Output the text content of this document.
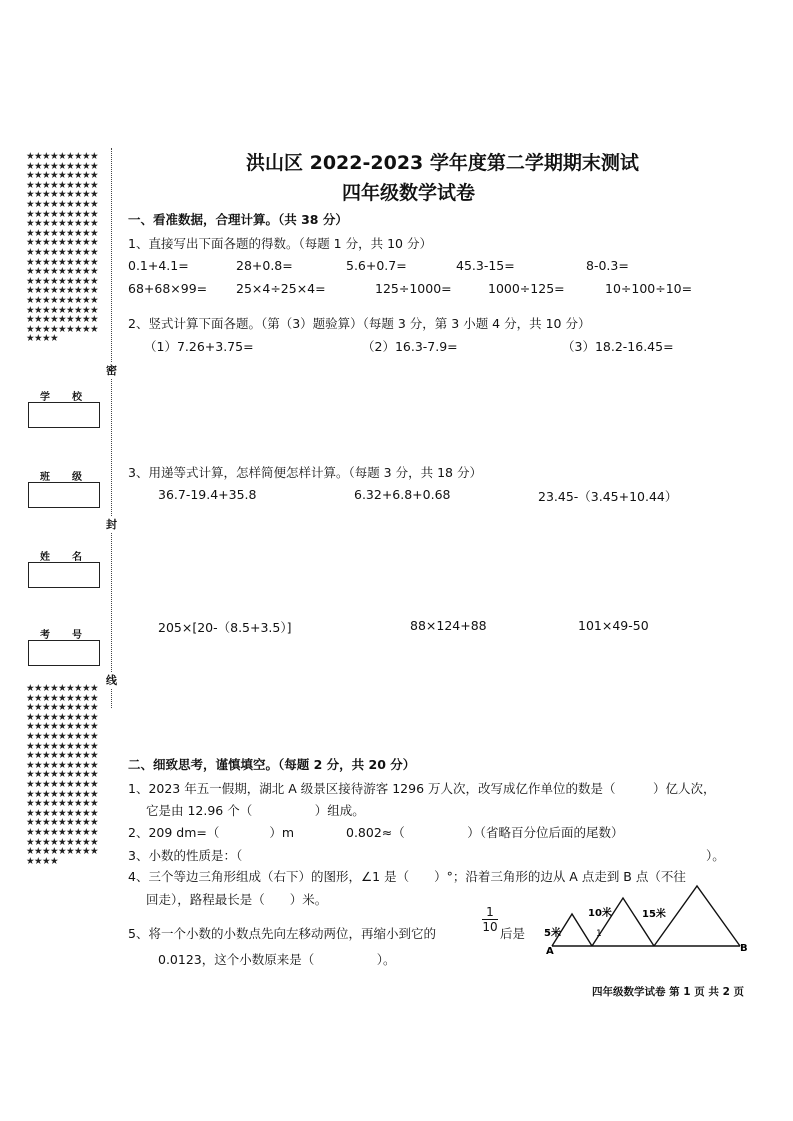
★★★★★★★★★★★★★★★★★★★★★★★★★★★★★★★★★★★★★★★★★★★★★★★★★★★★★★★★★★★★★★★★★★★★★★★★★★★★★★★★★★★★★★★★★★★★★★★★★★★★★★★★★★★★★★★★★★★★★★★★★★★★★★★★★★★★★★★★★★★★★★★★★★★★★★★★★★★★★★★★★★★★★★★★★★★★★★★
学 校
班 级
姓 名
考 号
★★★★★★★★★★★★★★★★★★★★★★★★★★★★★★★★★★★★★★★★★★★★★★★★★★★★★★★★★★★★★★★★★★★★★★★★★★★★★★★★★★★★★★★★★★★★★★★★★★★★★★★★★★★★★★★★★★★★★★★★★★★★★★★★★★★★★★★★★★★★★★★★★★★★★★★★★★★★★★★★★★★★★★
密
封
线
洪山区 2022-2023 学年度第二学期期末测试
四年级数学试卷
一、看准数据，合理计算。（共 38 分）
1、直接写出下面各题的得数。（每题 1 分，共 10 分）
0.1+4.1=	28+0.8=	5.6+0.7=	45.3-15=	8-0.3=
68+68×99= 25×4÷25×4=	125÷1000=	1000÷125=	10÷100÷10=
2、竖式计算下面各题。（第（3）题验算）（每题 3 分，第 3 小题 4 分，共 10 分）
（1）7.26+3.75=	（2）16.3-7.9=	（3）18.2-16.45=
3、用递等式计算，怎样简便怎样计算。（每题 3 分，共 18 分）
36.7-19.4+35.8	6.32+6.8+0.68	23.45-（3.45+10.44）
205×[20-（8.5+3.5）]	88×124+88	101×49-50
二、细致思考，谨慎填空。（每题 2 分，共 20 分）
1、2023 年五一假期，湖北 A 级景区接待游客 1296 万人次，改写成亿作单位的数是（　　　）亿人次，
它是由 12.96 个（　　　　　）组成。
2、209 dm=（　　　　）m	0.802≈（　　　　　）（省略百分位后面的尾数）
3、小数的性质是：（	）。
4、三个等边三角形组成（右下）的图形，∠1 是（　　）°；沿着三角形的边从 A 点走到 B 点（不往
回走），路程最长是（　　）米。
5、将一个小数的小数点先向左移动两位，再缩小到它的
1
10 后是
0.0123，这个小数原来是（　　　　　）。
5米
10米	15米
1
A	B
四年级数学试卷 第 1 页 共 2 页
